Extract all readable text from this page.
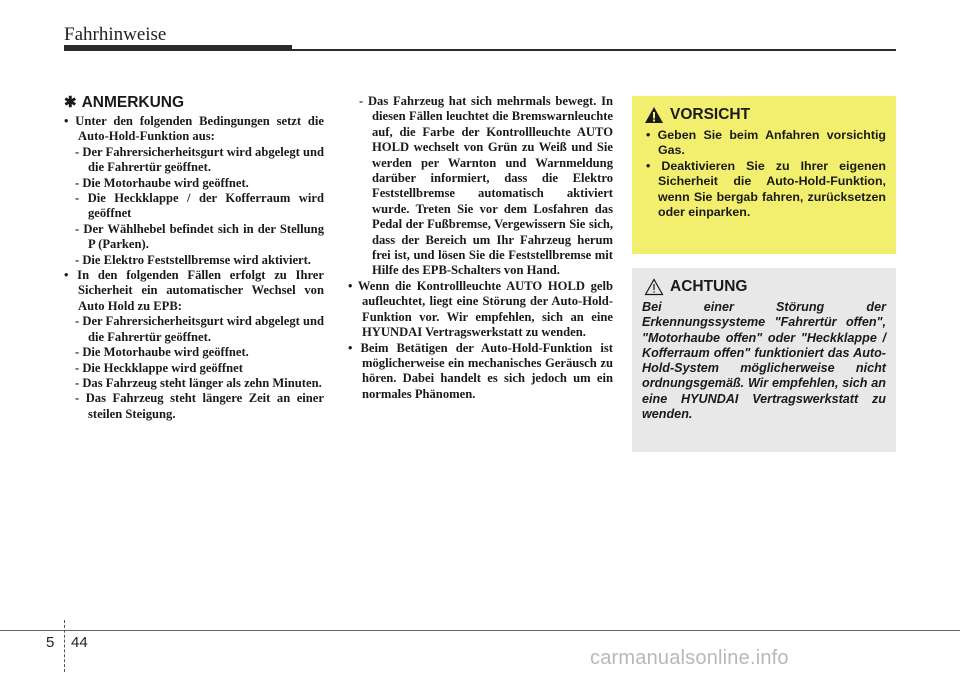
Fahrhinweise
✱ ANMERKUNG
• Unter den folgenden Bedingungen setzt die Auto-Hold-Funktion aus:
- Der Fahrersicherheitsgurt wird abgelegt und die Fahrertür geöffnet.
- Die Motorhaube wird geöffnet.
- Die Heckklappe / der Kofferraum wird geöffnet
- Der Wählhebel befindet sich in der Stellung P (Parken).
- Die Elektro Feststellbremse wird aktiviert.
• In den folgenden Fällen erfolgt zu Ihrer Sicherheit ein automatischer Wechsel von Auto Hold zu EPB:
- Der Fahrersicherheitsgurt wird abgelegt und die Fahrertür geöffnet.
- Die Motorhaube wird geöffnet.
- Die Heckklappe wird geöffnet
- Das Fahrzeug steht länger als zehn Minuten.
- Das Fahrzeug steht längere Zeit an einer steilen Steigung.
- Das Fahrzeug hat sich mehrmals bewegt. In diesen Fällen leuchtet die Bremswarnleuchte auf, die Farbe der Kontrollleuchte AUTO HOLD wechselt von Grün zu Weiß und Sie werden per Warnton und Warnmeldung darüber informiert, dass die Elektro Feststellbremse automatisch aktiviert wurde. Treten Sie vor dem Losfahren das Pedal der Fußbremse, Vergewissern Sie sich, dass der Bereich um Ihr Fahrzeug herum frei ist, und lösen Sie die Feststellbremse mit Hilfe des EPB-Schalters von Hand.
• Wenn die Kontrollleuchte AUTO HOLD gelb aufleuchtet, liegt eine Störung der Auto-Hold-Funktion vor. Wir empfehlen, sich an eine HYUNDAI Vertragswerkstatt zu wenden.
• Beim Betätigen der Auto-Hold-Funktion ist möglicherweise ein mechanisches Geräusch zu hören. Dabei handelt es sich jedoch um ein normales Phänomen.
VORSICHT
• Geben Sie beim Anfahren vorsichtig Gas.
• Deaktivieren Sie zu Ihrer eigenen Sicherheit die Auto-Hold-Funktion, wenn Sie bergab fahren, zurücksetzen oder einparken.
ACHTUNG
Bei einer Störung der Erkennungssysteme "Fahrertür offen", "Motorhaube offen" oder "Heckklappe / Kofferraum offen" funktioniert das Auto-Hold-System möglicherweise nicht ordnungsgemäß. Wir empfehlen, sich an eine HYUNDAI Vertragswerkstatt zu wenden.
5 44
carmanualsonline.info
